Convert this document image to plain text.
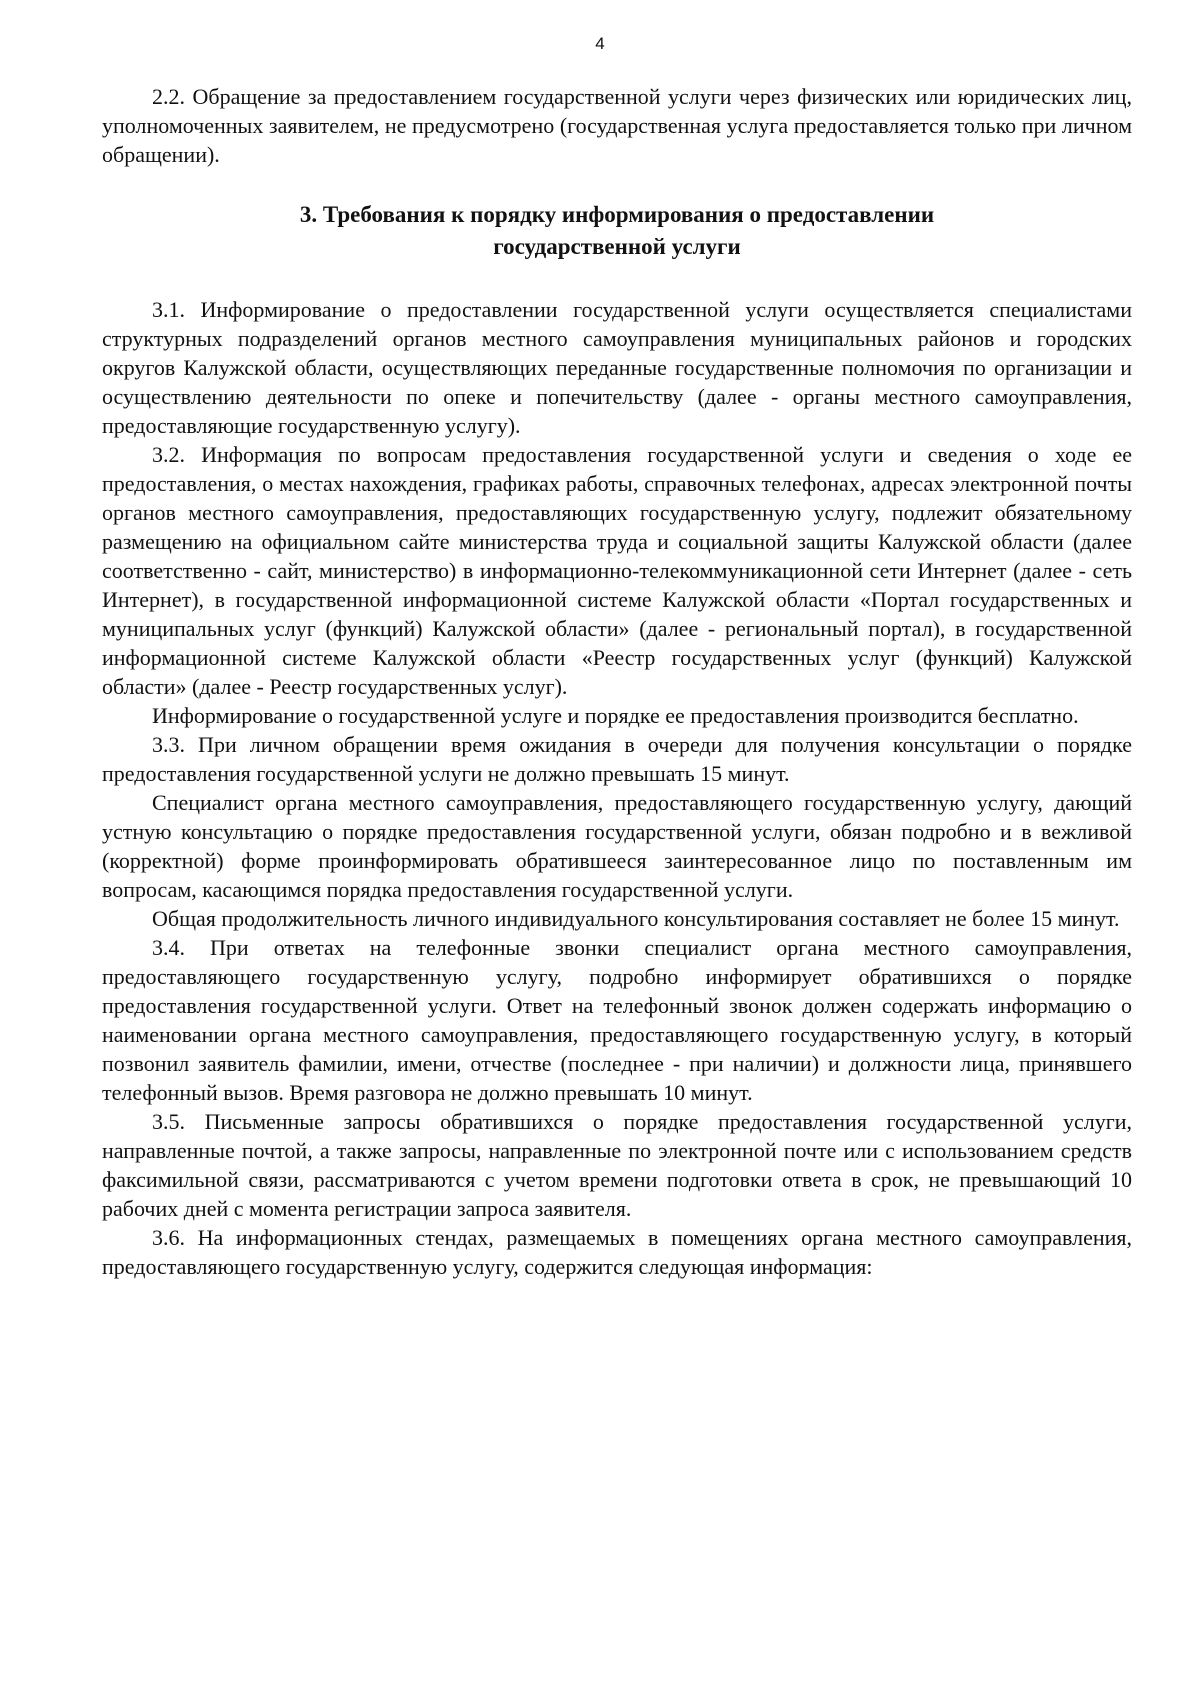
4

2.2. Обращение за предоставлением государственной услуги через физических или юридических лиц, уполномоченных заявителем, не предусмотрено (государственная услуга предоставляется только при личном обращении).

3. Требования к порядку информирования о предоставлении
государственной услуги

3.1. Информирование о предоставлении государственной услуги осуществляется специалистами структурных подразделений органов местного самоуправления муниципальных районов и городских округов Калужской области, осуществляющих переданные государственные полномочия по организации и осуществлению деятельности по опеке и попечительству (далее - органы местного самоуправления, предоставляющие государственную услугу).

3.2. Информация по вопросам предоставления государственной услуги и сведения о ходе ее предоставления, о местах нахождения, графиках работы, справочных телефонах, адресах электронной почты органов местного самоуправления, предоставляющих государственную услугу, подлежит обязательному размещению на официальном сайте министерства труда и социальной защиты Калужской области (далее соответственно - сайт, министерство) в информационно-телекоммуникационной сети Интернет (далее - сеть Интернет), в государственной информационной системе Калужской области «Портал государственных и муниципальных услуг (функций) Калужской области» (далее - региональный портал), в государственной информационной системе Калужской области «Реестр государственных услуг (функций) Калужской области» (далее - Реестр государственных услуг).

Информирование о государственной услуге и порядке ее предоставления производится бесплатно.

3.3. При личном обращении время ожидания в очереди для получения консультации о порядке предоставления государственной услуги не должно превышать 15 минут.

Специалист органа местного самоуправления, предоставляющего государственную услугу, дающий устную консультацию о порядке предоставления государственной услуги, обязан подробно и в вежливой (корректной) форме проинформировать обратившееся заинтересованное лицо по поставленным им вопросам, касающимся порядка предоставления государственной услуги.

Общая продолжительность личного индивидуального консультирования составляет не более 15 минут.

3.4. При ответах на телефонные звонки специалист органа местного самоуправления, предоставляющего государственную услугу, подробно информирует обратившихся о порядке предоставления государственной услуги. Ответ на телефонный звонок должен содержать информацию о наименовании органа местного самоуправления, предоставляющего государственную услугу, в который позвонил заявитель фамилии, имени, отчестве (последнее - при наличии) и должности лица, принявшего телефонный вызов. Время разговора не должно превышать 10 минут.

3.5. Письменные запросы обратившихся о порядке предоставления государственной услуги, направленные почтой, а также запросы, направленные по электронной почте или с использованием средств факсимильной связи, рассматриваются с учетом времени подготовки ответа в срок, не превышающий 10 рабочих дней с момента регистрации запроса заявителя.

3.6. На информационных стендах, размещаемых в помещениях органа местного самоуправления, предоставляющего государственную услугу, содержится следующая информация:
